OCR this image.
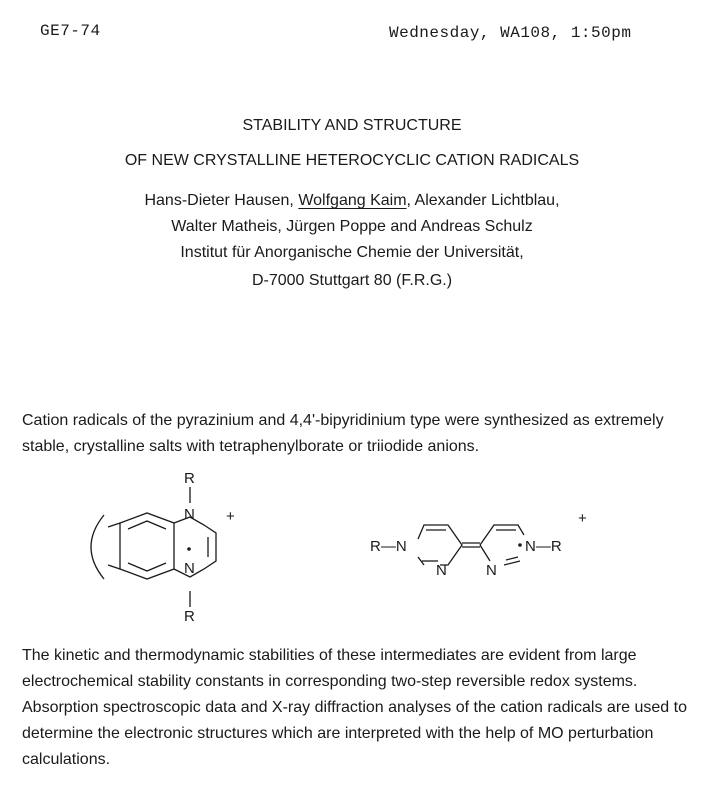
GE7-74	Wednesday, WA108, 1:50pm
STABILITY AND STRUCTURE
OF NEW CRYSTALLINE HETEROCYCLIC CATION RADICALS
Hans-Dieter Hausen, Wolfgang Kaim, Alexander Lichtblau,
Walter Matheis, Jürgen Poppe and Andreas Schulz
Institut für Anorganische Chemie der Universität,
D-7000 Stuttgart 80 (F.R.G.)
Cation radicals of the pyrazinium and 4,4'-bipyridinium type were synthesized as extremely stable, crystalline salts with tetraphenylborate or triiodide anions.
R
N
N
R
+
R—N
N	N
N—R
+
The kinetic and thermodynamic stabilities of these intermediates are evident from large electrochemical stability constants in corresponding two-step reversible redox systems. Absorption spectroscopic data and X-ray diffraction analyses of the cation radicals are used to determine the electronic structures which are interpreted with the help of MO perturbation calculations.
